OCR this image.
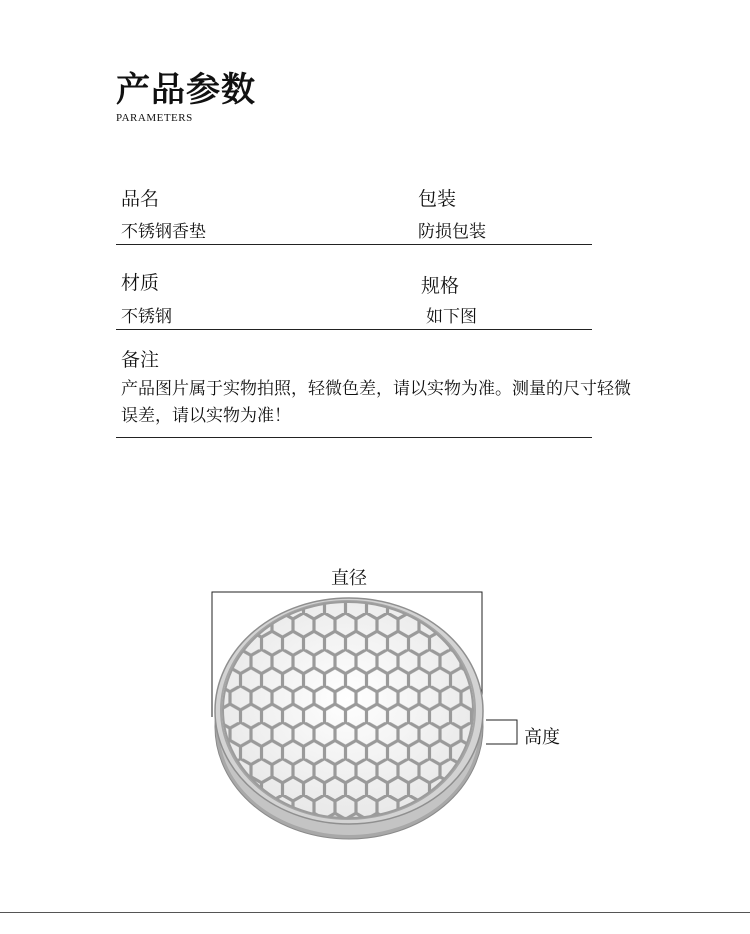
产品参数
PARAMETERS
品名
不锈钢香垫
包装
防损包装
材质
不锈钢
规格
如下图
备注
产品图片属于实物拍照，轻微色差，请以实物为准。测量的尺寸轻微误差，请以实物为准！
直径
高度
